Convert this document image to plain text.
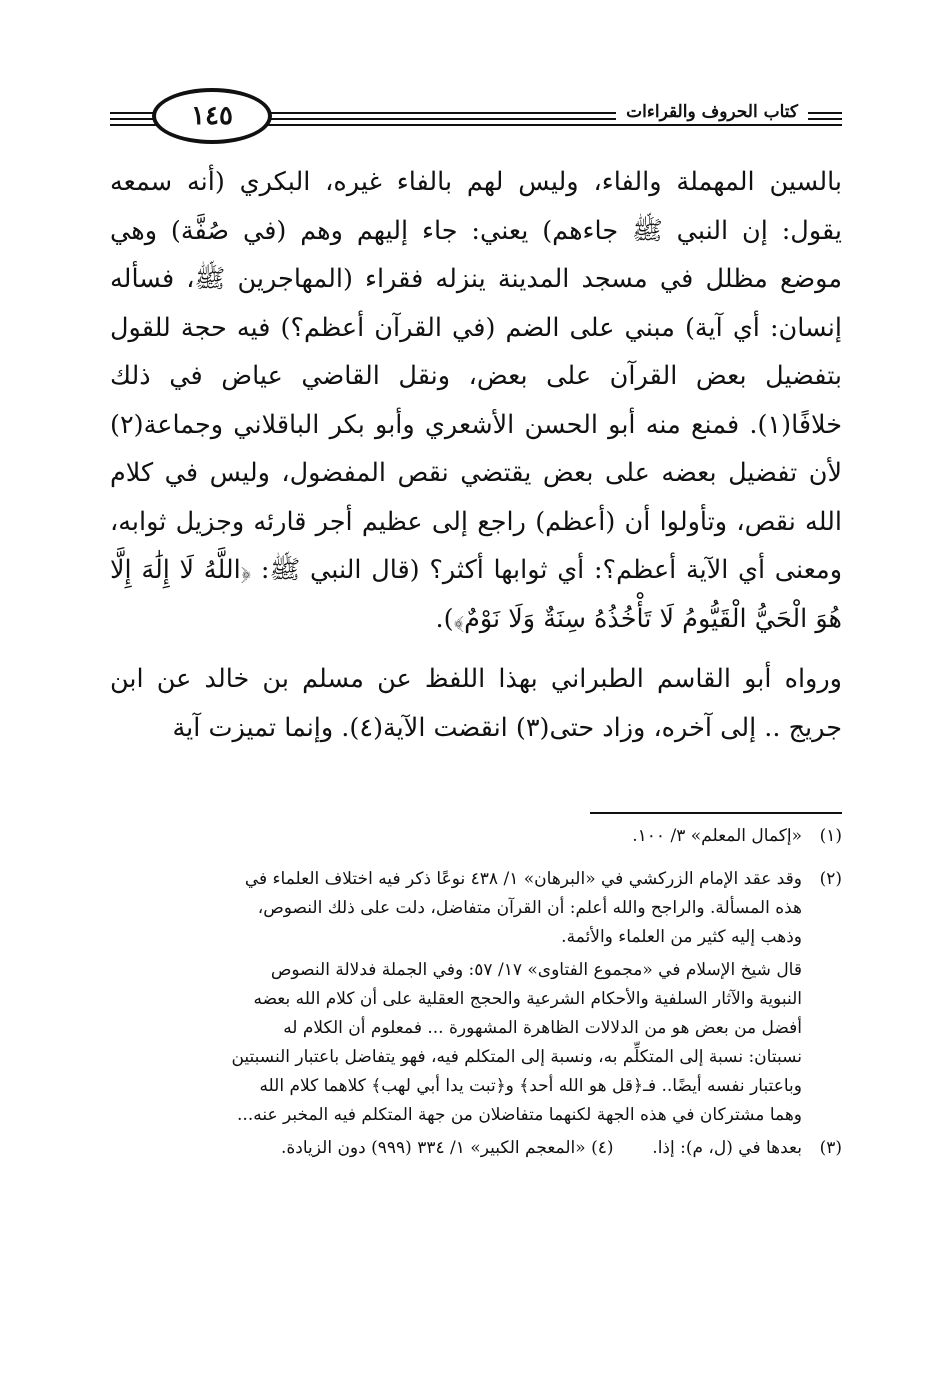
١٤٥	كتاب الحروف والقراءات

بالسين المهملة والفاء، وليس لهم بالفاء غيره، البكري (أنه سمعه يقول: إن النبي ﷺ جاءهم) يعني: جاء إليهم وهم (في صُفَّة) وهي موضع مظلل في مسجد المدينة ينزله فقراء (المهاجرين ﷺ، فسأله إنسان: أي آية) مبني على الضم (في القرآن أعظم؟) فيه حجة للقول بتفضيل بعض القرآن على بعض، ونقل القاضي عياض في ذلك خلافًا(١). فمنع منه أبو الحسن الأشعري وأبو بكر الباقلاني وجماعة(٢) لأن تفضيل بعضه على بعض يقتضي نقص المفضول، وليس في كلام الله نقص، وتأولوا أن (أعظم) راجع إلى عظيم أجر قارئه وجزيل ثوابه، ومعنى أي الآية أعظم؟: أي ثوابها أكثر؟ (قال النبي ﷺ: ﴿اللَّهُ لَا إِلَٰهَ إِلَّا هُوَ الْحَيُّ الْقَيُّومُ لَا تَأْخُذُهُ سِنَةٌ وَلَا نَوْمٌ﴾).

ورواه أبو القاسم الطبراني بهذا اللفظ عن مسلم بن خالد عن ابن جريج .. إلى آخره، وزاد حتى(٣) انقضت الآية(٤). وإنما تميزت آية

(١)
«إكمال المعلم» ٣/ ١٠٠.
(٢)
وقد عقد الإمام الزركشي في «البرهان» ١/ ٤٣٨ نوعًا ذكر فيه اختلاف العلماء في
هذه المسألة. والراجح والله أعلم: أن القرآن متفاضل، دلت على ذلك النصوص،
وذهب إليه كثير من العلماء والأئمة.
قال شيخ الإسلام في «مجموع الفتاوى» ١٧/ ٥٧: وفي الجملة فدلالة النصوص
النبوية والآثار السلفية والأحكام الشرعية والحجج العقلية على أن كلام الله بعضه
أفضل من بعض هو من الدلالات الظاهرة المشهورة ... فمعلوم أن الكلام له
نسبتان: نسبة إلى المتكلِّم به، ونسبة إلى المتكلم فيه، فهو يتفاضل باعتبار النسبتين
وباعتبار نفسه أيضًا.. فـ﴿قل هو الله أحد﴾ و﴿تبت يدا أبي لهب﴾ كلاهما كلام الله
وهما مشتركان في هذه الجهة لكنهما متفاضلان من جهة المتكلم فيه المخبر عنه...
(٣)
بعدها في (ل، م): إذا.  (٤) «المعجم الكبير» ١/ ٣٣٤ (٩٩٩) دون الزيادة.
